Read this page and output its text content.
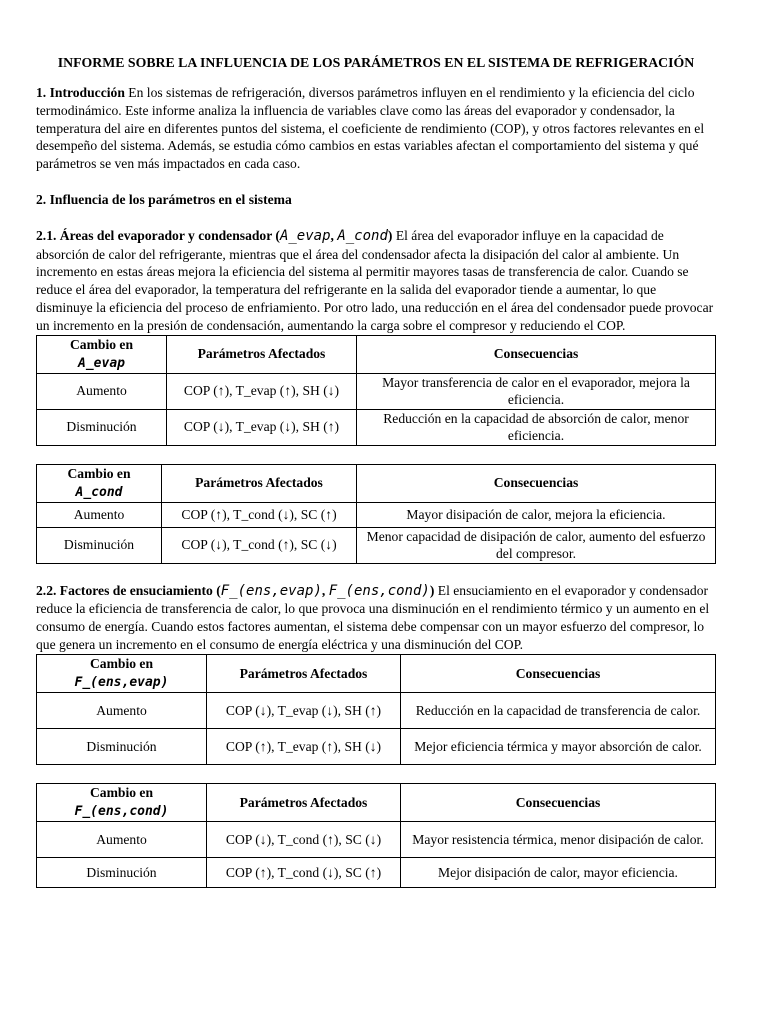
INFORME SOBRE LA INFLUENCIA DE LOS PARÁMETROS EN EL SISTEMA DE REFRIGERACIÓN

1. Introducción En los sistemas de refrigeración, diversos parámetros influyen en el rendimiento y la eficiencia del ciclo termodinámico. Este informe analiza la influencia de variables clave como las áreas del evaporador y condensador, la temperatura del aire en diferentes puntos del sistema, el coeficiente de rendimiento (COP), y otros factores relevantes en el desempeño del sistema. Además, se estudia cómo cambios en estas variables afectan el comportamiento del sistema y qué parámetros se ven más impactados en cada caso.

2. Influencia de los parámetros en el sistema

2.1. Áreas del evaporador y condensador (A_evap, A_cond) El área del evaporador influye en la capacidad de absorción de calor del refrigerante, mientras que el área del condensador afecta la disipación del calor al ambiente. Un incremento en estas áreas mejora la eficiencia del sistema al permitir mayores tasas de transferencia de calor. Cuando se reduce el área del evaporador, la temperatura del refrigerante en la salida del evaporador tiende a aumentar, lo que disminuye la eficiencia del proceso de enfriamiento. Por otro lado, una reducción en el área del condensador puede provocar un incremento en la presión de condensación, aumentando la carga sobre el compresor y reduciendo el COP.

Cambio en
A_evap	Parámetros Afectados	Consecuencias
Aumento	COP (↑), T_evap (↑), SH (↓)	Mayor transferencia de calor en el evaporador, mejora la eficiencia.
Disminución	COP (↓), T_evap (↓), SH (↑)	Reducción en la capacidad de absorción de calor, menor eficiencia.
Cambio en
A_cond	Parámetros Afectados	Consecuencias
Aumento	COP (↑), T_cond (↓), SC (↑)	Mayor disipación de calor, mejora la eficiencia.
Disminución	COP (↓), T_cond (↑), SC (↓)	Menor capacidad de disipación de calor, aumento del esfuerzo del compresor.

2.2. Factores de ensuciamiento (F_(ens,evap), F_(ens,cond)) El ensuciamiento en el evaporador y condensador reduce la eficiencia de transferencia de calor, lo que provoca una disminución en el rendimiento térmico y un aumento en el consumo de energía. Cuando estos factores aumentan, el sistema debe compensar con un mayor esfuerzo del compresor, lo que genera un incremento en el consumo de energía eléctrica y una disminución del COP.

Cambio en
F_(ens,evap)	Parámetros Afectados	Consecuencias
Aumento	COP (↓), T_evap (↓), SH (↑)	Reducción en la capacidad de transferencia de calor.
Disminución	COP (↑), T_evap (↑), SH (↓)	Mejor eficiencia térmica y mayor absorción de calor.
Cambio en
F_(ens,cond)	Parámetros Afectados	Consecuencias
Aumento	COP (↓), T_cond (↑), SC (↓)	Mayor resistencia térmica, menor disipación de calor.
Disminución	COP (↑), T_cond (↓), SC (↑)	Mejor disipación de calor, mayor eficiencia.
